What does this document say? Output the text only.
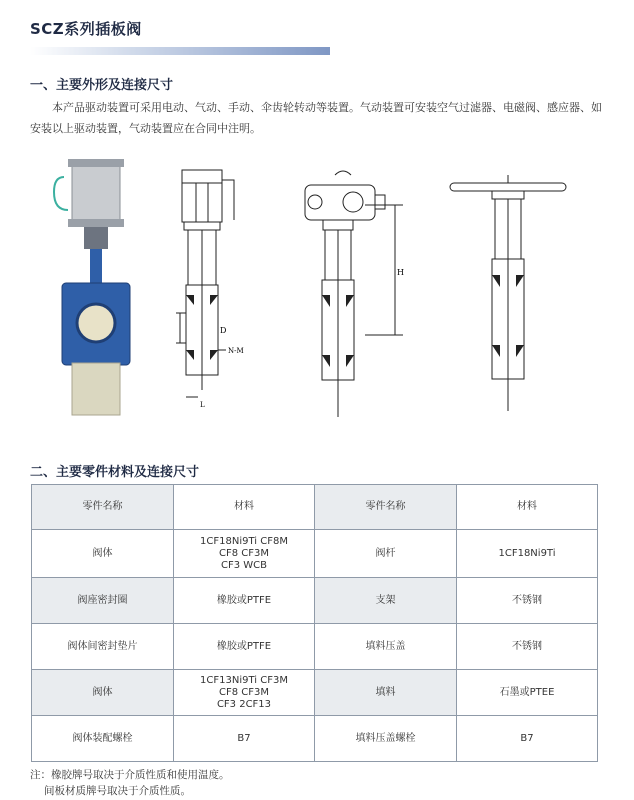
SCZ系列插板阀
一、主要外形及连接尺寸
本产品驱动装置可采用电动、气动、手动、伞齿轮转动等装置。气动装置可安装空气过滤器、电磁阀、感应器、如安装以上驱动装置，气动装置应在合同中注明。
D
N-M
L
H
二、主要零件材料及连接尺寸
零件名称	材料	零件名称	材料
阀体	1CF18Ni9Ti CF8M
CF8 CF3M
CF3 WCB	阀杆	1CF18Ni9Ti
阀座密封圈	橡胶或PTFE	支架	不锈钢
阀体间密封垫片	橡胶或PTFE	填料压盖	不锈钢
阀体	1CF13Ni9Ti CF3M
CF8 CF3M
CF3 2CF13	填料	石墨或PTEE
阀体装配螺栓	B7	填料压盖螺栓	B7
注：橡胶牌号取决于介质性质和使用温度。
间板材质牌号取决于介质性质。
